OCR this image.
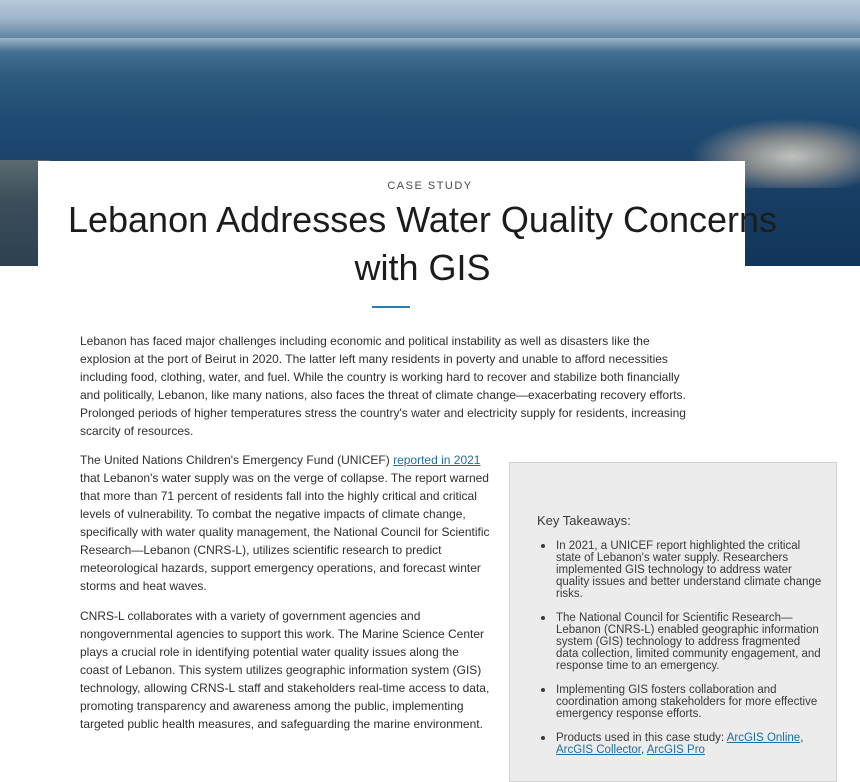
CASE STUDY
Lebanon Addresses Water Quality Concerns with GIS

Lebanon has faced major challenges including economic and political instability as well as disasters like the explosion at the port of Beirut in 2020. The latter left many residents in poverty and unable to afford necessities including food, clothing, water, and fuel. While the country is working hard to recover and stabilize both financially and politically, Lebanon, like many nations, also faces the threat of climate change—exacerbating recovery efforts. Prolonged periods of higher temperatures stress the country's water and electricity supply for residents, increasing scarcity of resources.

The United Nations Children's Emergency Fund (UNICEF) reported in 2021 that Lebanon's water supply was on the verge of collapse. The report warned that more than 71 percent of residents fall into the highly critical and critical levels of vulnerability. To combat the negative impacts of climate change, specifically with water quality management, the National Council for Scientific Research—Lebanon (CNRS-L), utilizes scientific research to predict meteorological hazards, support emergency operations, and forecast winter storms and heat waves.

CNRS-L collaborates with a variety of government agencies and nongovernmental agencies to support this work. The Marine Science Center plays a crucial role in identifying potential water quality issues along the coast of Lebanon. This system utilizes geographic information system (GIS) technology, allowing CRNS-L staff and stakeholders real-time access to data, promoting transparency and awareness among the public, implementing targeted public health measures, and safeguarding the marine environment.

Key Takeaways:

In 2021, a UNICEF report highlighted the critical state of Lebanon's water supply. Researchers implemented GIS technology to address water quality issues and better understand climate change risks.
The National Council for Scientific Research—Lebanon (CNRS-L) enabled geographic information system (GIS) technology to address fragmented data collection, limited community engagement, and response time to an emergency.
Implementing GIS fosters collaboration and coordination among stakeholders for more effective emergency response efforts.
Products used in this case study: ArcGIS Online, ArcGIS Collector, ArcGIS Pro
